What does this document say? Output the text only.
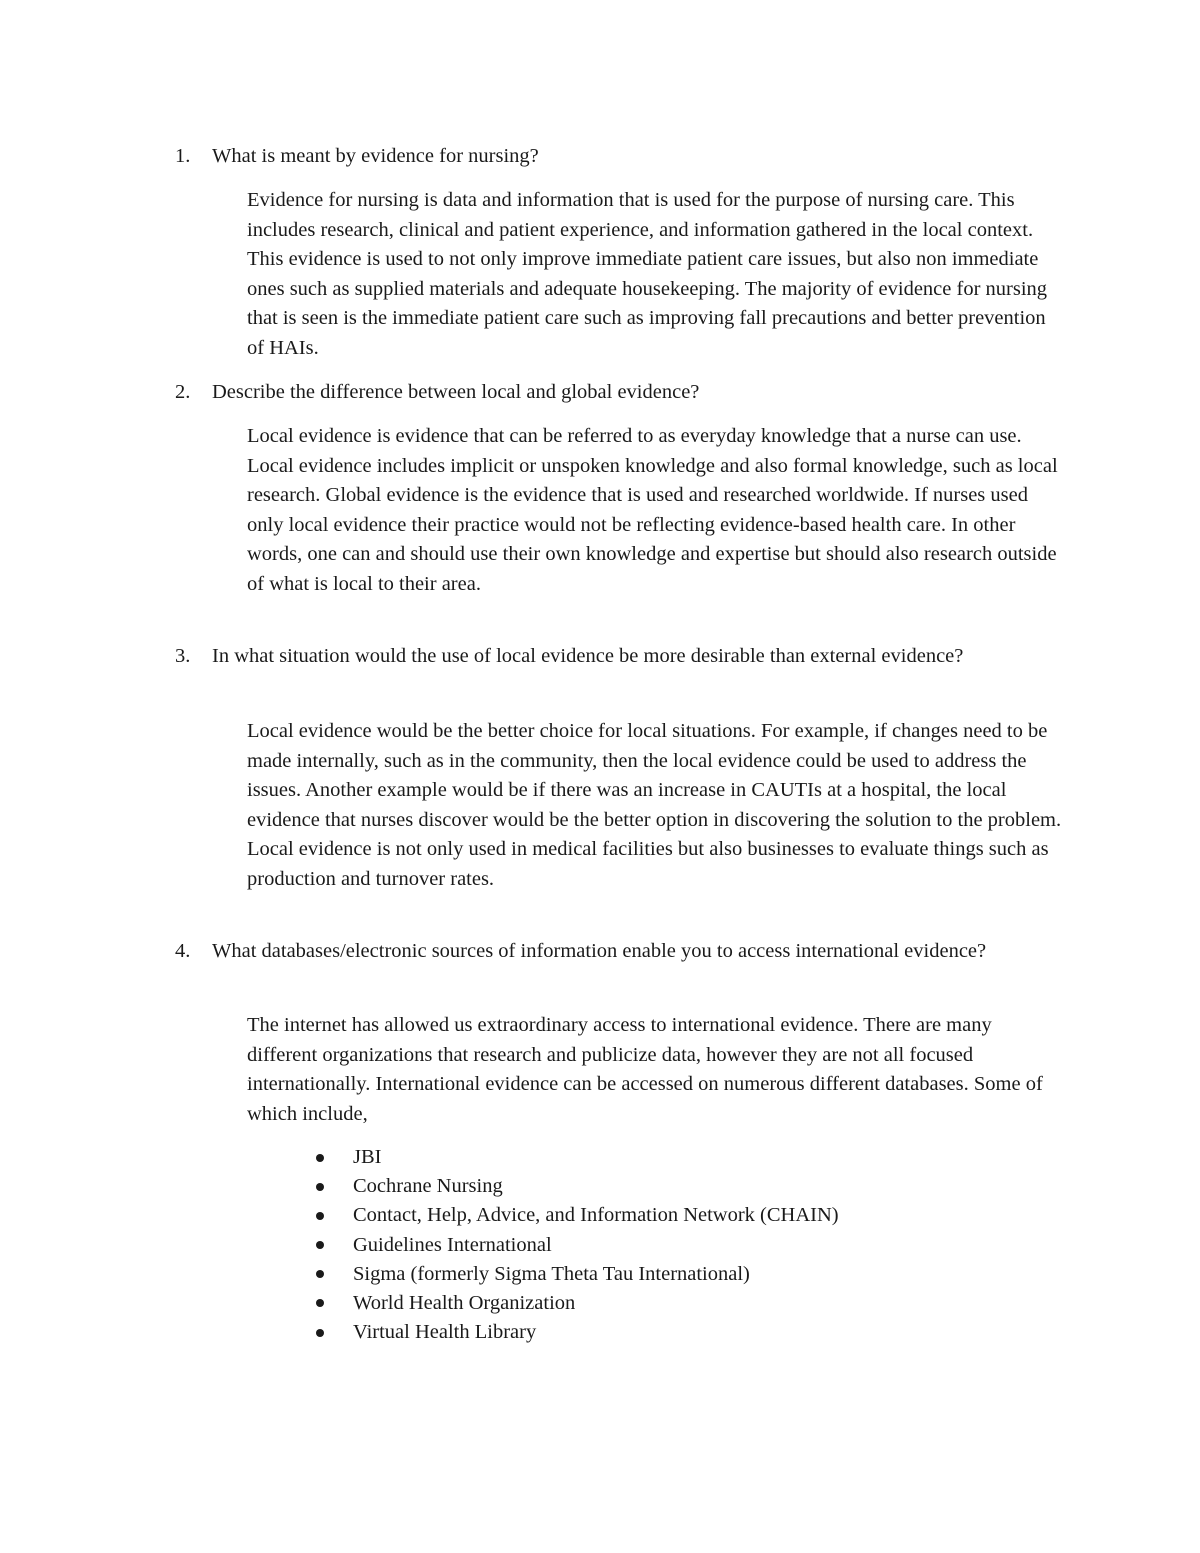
1. What is meant by evidence for nursing?
Evidence for nursing is data and information that is used for the purpose of nursing care. This includes research, clinical and patient experience, and information gathered in the local context. This evidence is used to not only improve immediate patient care issues, but also non immediate ones such as supplied materials and adequate housekeeping. The majority of evidence for nursing that is seen is the immediate patient care such as improving fall precautions and better prevention of HAIs.
2. Describe the difference between local and global evidence?
Local evidence is evidence that can be referred to as everyday knowledge that a nurse can use. Local evidence includes implicit or unspoken knowledge and also formal knowledge, such as local research. Global evidence is the evidence that is used and researched worldwide. If nurses used only local evidence their practice would not be reflecting evidence-based health care. In other words, one can and should use their own knowledge and expertise but should also research outside of what is local to their area.
3. In what situation would the use of local evidence be more desirable than external evidence?
Local evidence would be the better choice for local situations. For example, if changes need to be made internally, such as in the community, then the local evidence could be used to address the issues. Another example would be if there was an increase in CAUTIs at a hospital, the local evidence that nurses discover would be the better option in discovering the solution to the problem. Local evidence is not only used in medical facilities but also businesses to evaluate things such as production and turnover rates.
4. What databases/electronic sources of information enable you to access international evidence?
The internet has allowed us extraordinary access to international evidence. There are many different organizations that research and publicize data, however they are not all focused internationally. International evidence can be accessed on numerous different databases. Some of which include,
JBI
Cochrane Nursing
Contact, Help, Advice, and Information Network (CHAIN)
Guidelines International
Sigma (formerly Sigma Theta Tau International)
World Health Organization
Virtual Health Library
